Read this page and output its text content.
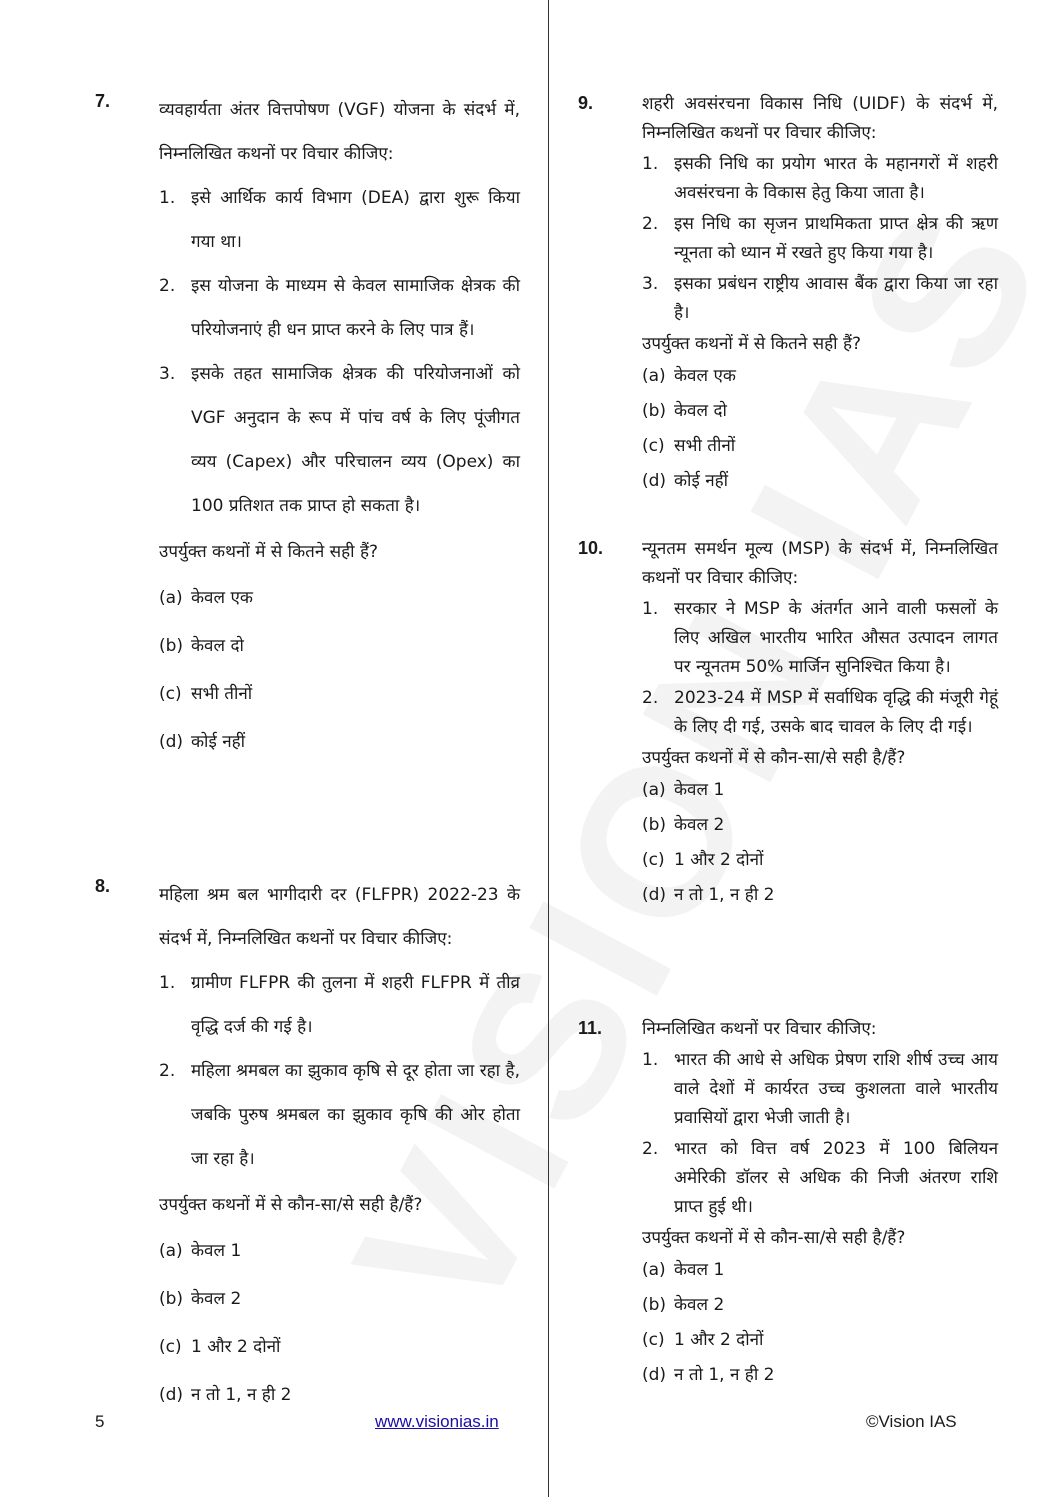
7.	व्यवहार्यता अंतर वित्तपोषण (VGF) योजना के संदर्भ में, निम्नलिखित कथनों पर विचार कीजिए:
1. इसे आर्थिक कार्य विभाग (DEA) द्वारा शुरू किया गया था।
2. इस योजना के माध्यम से केवल सामाजिक क्षेत्रक की परियोजनाएं ही धन प्राप्त करने के लिए पात्र हैं।
3. इसके तहत सामाजिक क्षेत्रक की परियोजनाओं को VGF अनुदान के रूप में पांच वर्ष के लिए पूंजीगत व्यय (Capex) और परिचालन व्यय (Opex) का 100 प्रतिशत तक प्राप्त हो सकता है।
उपर्युक्त कथनों में से कितने सही हैं?
(a) केवल एक
(b) केवल दो
(c) सभी तीनों
(d) कोई नहीं
8.	महिला श्रम बल भागीदारी दर (FLFPR) 2022-23 के संदर्भ में, निम्नलिखित कथनों पर विचार कीजिए:
1. ग्रामीण FLFPR की तुलना में शहरी FLFPR में तीव्र वृद्धि दर्ज की गई है।
2. महिला श्रमबल का झुकाव कृषि से दूर होता जा रहा है, जबकि पुरुष श्रमबल का झुकाव कृषि की ओर होता जा रहा है।
उपर्युक्त कथनों में से कौन-सा/से सही है/हैं?
(a) केवल 1
(b) केवल 2
(c) 1 और 2 दोनों
(d) न तो 1, न ही 2
9.	शहरी अवसंरचना विकास निधि (UIDF) के संदर्भ में, निम्नलिखित कथनों पर विचार कीजिए:
1. इसकी निधि का प्रयोग भारत के महानगरों में शहरी अवसंरचना के विकास हेतु किया जाता है।
2. इस निधि का सृजन प्राथमिकता प्राप्त क्षेत्र की ऋण न्यूनता को ध्यान में रखते हुए किया गया है।
3. इसका प्रबंधन राष्ट्रीय आवास बैंक द्वारा किया जा रहा है।
उपर्युक्त कथनों में से कितने सही हैं?
(a) केवल एक
(b) केवल दो
(c) सभी तीनों
(d) कोई नहीं
10. न्यूनतम समर्थन मूल्य (MSP) के संदर्भ में, निम्नलिखित कथनों पर विचार कीजिए:
1. सरकार ने MSP के अंतर्गत आने वाली फसलों के लिए अखिल भारतीय भारित औसत उत्पादन लागत पर न्यूनतम 50% मार्जिन सुनिश्चित किया है।
2. 2023-24 में MSP में सर्वाधिक वृद्धि की मंजूरी गेहूं के लिए दी गई, उसके बाद चावल के लिए दी गई।
उपर्युक्त कथनों में से कौन-सा/से सही है/हैं?
(a) केवल 1
(b) केवल 2
(c) 1 और 2 दोनों
(d) न तो 1, न ही 2
11. निम्नलिखित कथनों पर विचार कीजिए:
1. भारत की आधे से अधिक प्रेषण राशि शीर्ष उच्च आय वाले देशों में कार्यरत उच्च कुशलता वाले भारतीय प्रवासियों द्वारा भेजी जाती है।
2. भारत को वित्त वर्ष 2023 में 100 बिलियन अमेरिकी डॉलर से अधिक की निजी अंतरण राशि प्राप्त हुई थी।
उपर्युक्त कथनों में से कौन-सा/से सही है/हैं?
(a) केवल 1
(b) केवल 2
(c) 1 और 2 दोनों
(d) न तो 1, न ही 2
5	www.visionias.in	©Vision IAS
